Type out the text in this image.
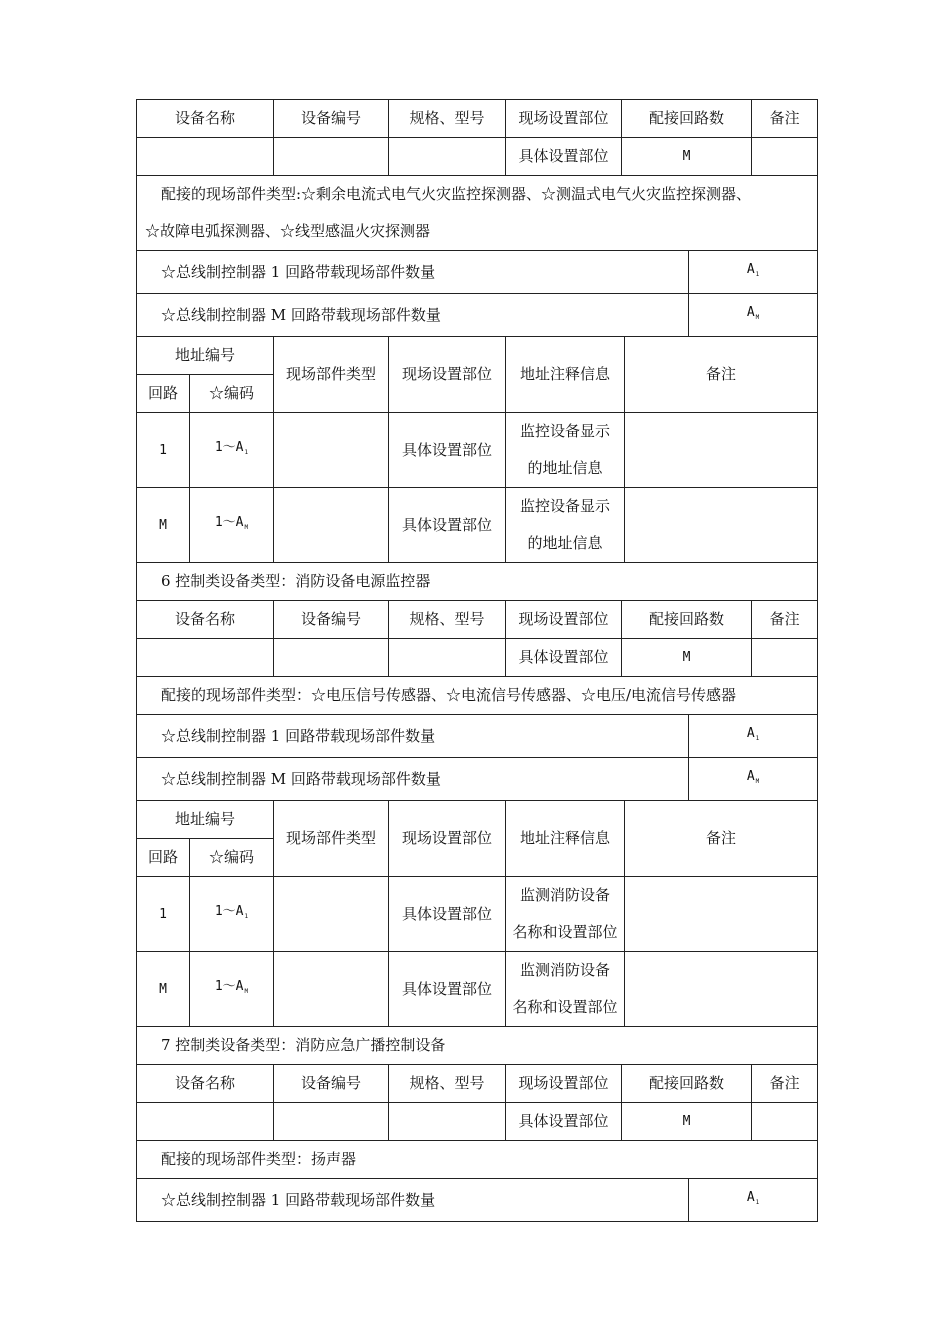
设备名称		设备编号	规格、型号	现场设置部位	配接回路数			备注
				具体设置部位	M			

配接的现场部件类型:☆剩余电流式电气火灾监控探测器、☆测温式电气火灾监控探测器、
☆故障电弧探测器、☆线型感温火灾探测器								

☆总线制控制器 1 回路带载现场部件数量							$A_1$
☆总线制控制器 M 回路带载现场部件数量							$A_M$
地址编号		现场部件类型	现场设置部位	地址注释信息		备注		
回路	☆编码							
1	$1\sim A_1$		具体设置部位	监控设备显示
的地址信息				

M	$1\sim A_M$		具体设置部位	监控设备显示
的地址信息				

6 控制类设备类型：消防设备电源监控器								
设备名称		设备编号	规格、型号	现场设置部位	配接回路数			备注
				具体设置部位	M			
配接的现场部件类型：☆电压信号传感器、☆电流信号传感器、☆电压/电流信号传感器								
☆总线制控制器 1 回路带载现场部件数量							$A_1$
☆总线制控制器 M 回路带载现场部件数量							$A_M$
地址编号		现场部件类型	现场设置部位	地址注释信息		备注		
回路	☆编码							
1	$1\sim A_1$		具体设置部位	监测消防设备
名称和设置部位				

M	$1\sim A_M$		具体设置部位	监测消防设备
名称和设置部位				

7 控制类设备类型：消防应急广播控制设备								
设备名称		设备编号	规格、型号	现场设置部位	配接回路数			备注
				具体设置部位	M			
配接的现场部件类型：扬声器								
☆总线制控制器 1 回路带载现场部件数量							$A_1$
